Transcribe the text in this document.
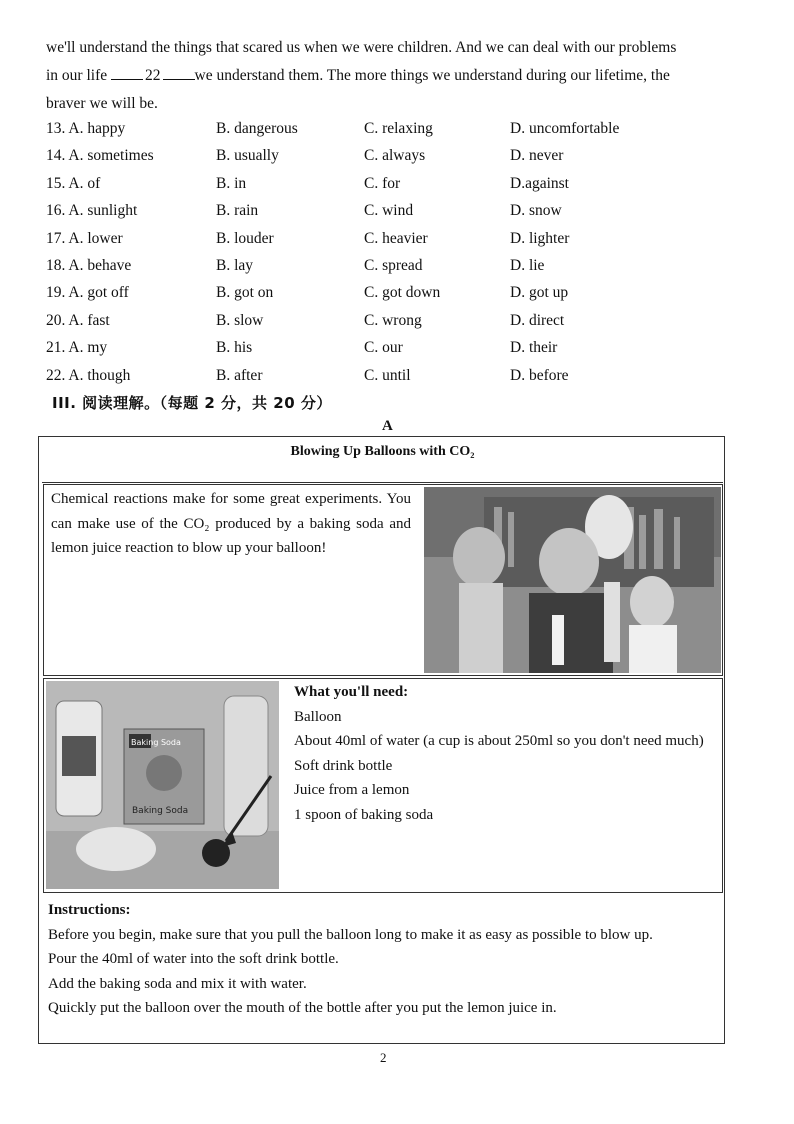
we'll understand the things that scared us when we were children. And we can deal with our problems

in our life 22 we understand them. The more things we understand during our lifetime, the

braver we will be.

13. A. happy	B. dangerous	C. relaxing	D. uncomfortable
14. A. sometimes	B. usually	C. always	D. never
15. A. of	B. in	C. for	D.against
16. A. sunlight	B. rain	C. wind	D. snow
17. A. lower	B. louder	C. heavier	D. lighter
18. A. behave	B. lay	C. spread	D. lie
19. A. got off	B. got on	C. got down	D. got up
20. A. fast	B. slow	C. wrong	D. direct
21. A. my	B. his	C. our	D. their
22. A. though	B. after	C. until	D. before
III. 阅读理解。（每题 2 分，共 20 分）
A
Blowing Up Balloons with CO₂
Chemical reactions make for some great experiments. You can make use of the CO₂ produced by a baking soda and lemon juice reaction to blow up your balloon!
Baking Soda
Baking Soda
What you'll need:
Balloon
About 40ml of water (a cup is about 250ml so you don't need much)
Soft drink bottle
Juice from a lemon
1 spoon of baking soda
Instructions:

Before you begin, make sure that you pull the balloon long to make it as easy as possible to blow up.

Pour the 40ml of water into the soft drink bottle.

Add the baking soda and mix it with water.

Quickly put the balloon over the mouth of the bottle after you put the lemon juice in.

2
